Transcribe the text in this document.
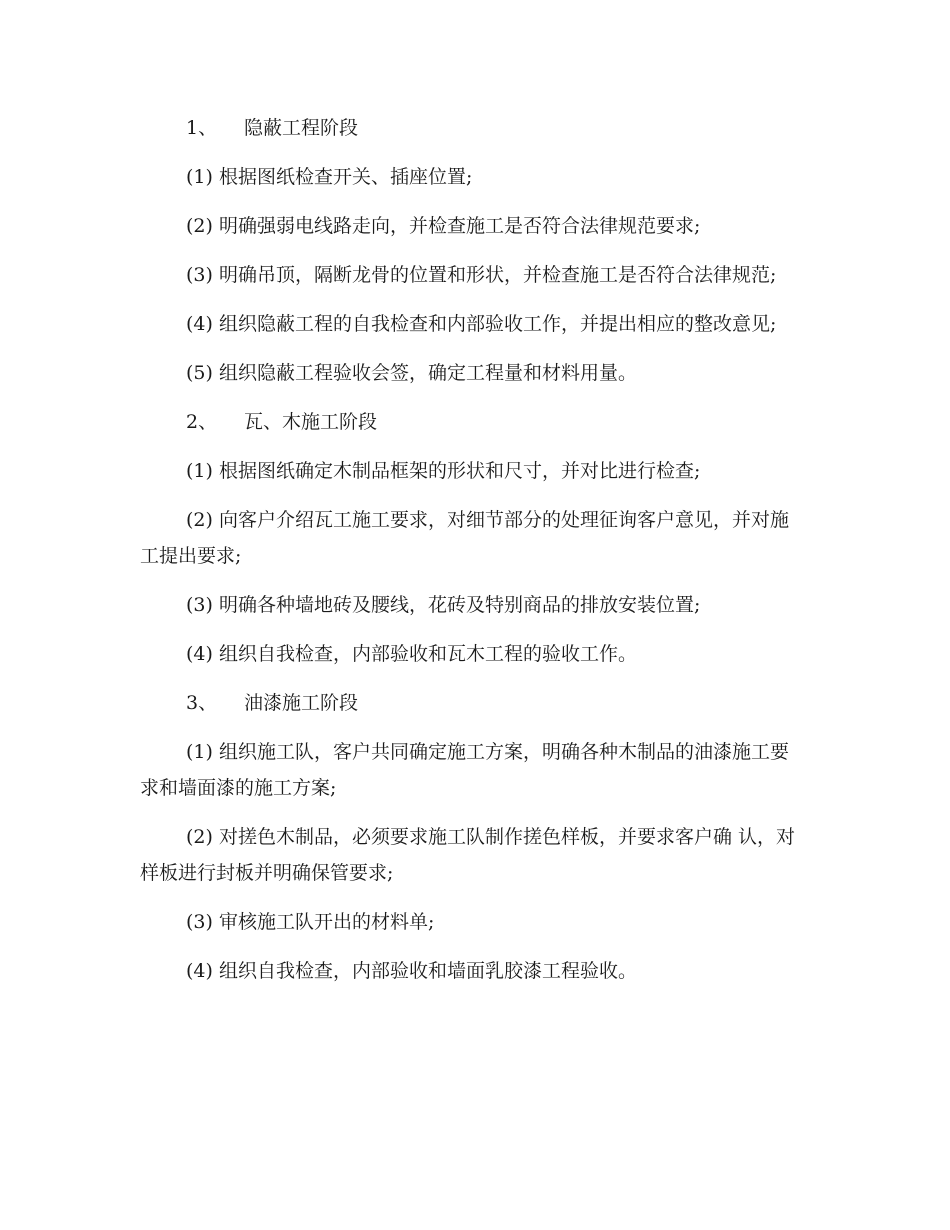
1、 隐蔽工程阶段
(1) 根据图纸检查开关、插座位置;
(2) 明确强弱电线路走向，并检查施工是否符合法律规范要求;
(3) 明确吊顶，隔断龙骨的位置和形状，并检查施工是否符合法律规范;
(4) 组织隐蔽工程的自我检查和内部验收工作，并提出相应的整改意见;
(5) 组织隐蔽工程验收会签，确定工程量和材料用量。
2、 瓦、木施工阶段
(1) 根据图纸确定木制品框架的形状和尺寸，并对比进行检查;
(2) 向客户介绍瓦工施工要求，对细节部分的处理征询客户意见，并对施工提出要求;
(3) 明确各种墙地砖及腰线，花砖及特别商品的排放安装位置;
(4) 组织自我检查，内部验收和瓦木工程的验收工作。
3、 油漆施工阶段
(1) 组织施工队，客户共同确定施工方案，明确各种木制品的油漆施工要求和墙面漆的施工方案;
(2) 对搓色木制品，必须要求施工队制作搓色样板，并要求客户确 认，对样板进行封板并明确保管要求;
(3) 审核施工队开出的材料单;
(4) 组织自我检查，内部验收和墙面乳胶漆工程验收。
